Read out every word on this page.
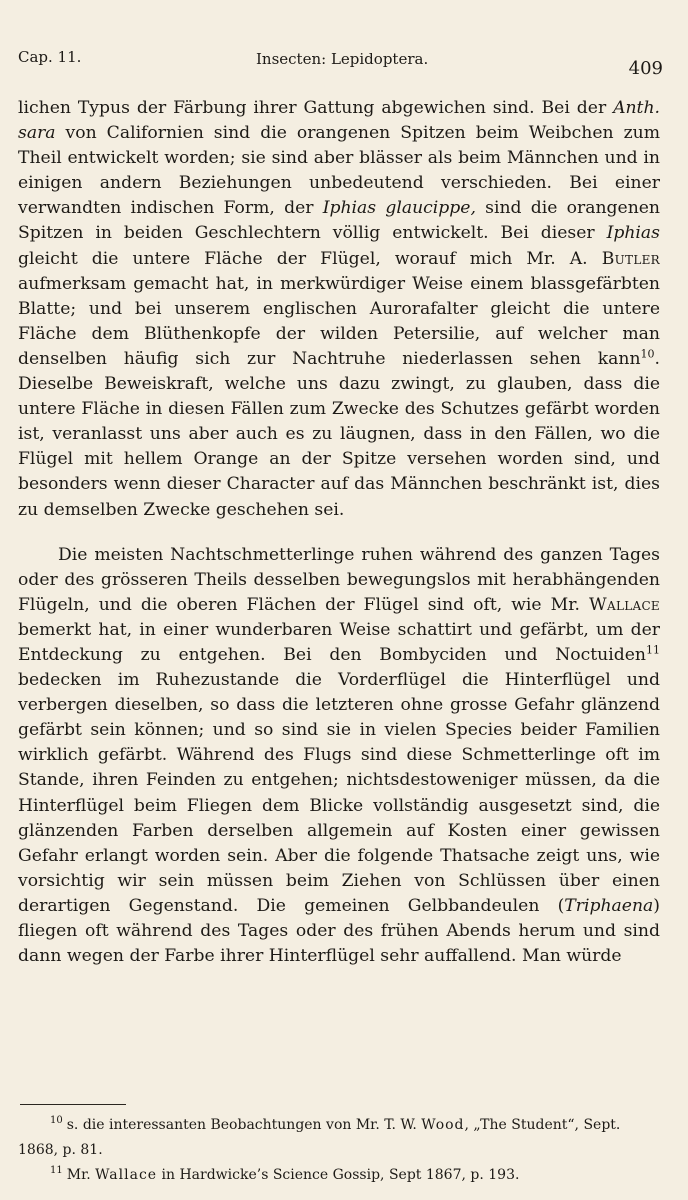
Cap. 11.	Insecten: Lepidoptera.	409

lichen Typus der Färbung ihrer Gattung abgewichen sind. Bei der Anth. sara von Californien sind die orangenen Spitzen beim Weibchen zum Theil entwickelt worden; sie sind aber blässer als beim Männchen und in einigen andern Beziehungen unbedeutend verschieden. Bei einer verwandten indischen Form, der Iphias glaucippe, sind die orangenen Spitzen in beiden Geschlechtern völlig entwickelt. Bei dieser Iphias gleicht die untere Fläche der Flügel, worauf mich Mr. A. Butler aufmerksam gemacht hat, in merkwürdiger Weise einem blassgefärbten Blatte; und bei unserem englischen Aurorafalter gleicht die untere Fläche dem Blüthenkopfe der wilden Petersilie, auf welcher man denselben häufig sich zur Nachtruhe niederlassen sehen kann$^{10}$. Dieselbe Beweiskraft, welche uns dazu zwingt, zu glauben, dass die untere Fläche in diesen Fällen zum Zwecke des Schutzes gefärbt worden ist, veranlasst uns aber auch es zu läugnen, dass in den Fällen, wo die Flügel mit hellem Orange an der Spitze versehen worden sind, und besonders wenn dieser Character auf das Männchen beschränkt ist, dies zu demselben Zwecke geschehen sei.

Die meisten Nachtschmetterlinge ruhen während des ganzen Tages oder des grösseren Theils desselben bewegungslos mit herabhängenden Flügeln, und die oberen Flächen der Flügel sind oft, wie Mr. Wallace bemerkt hat, in einer wunderbaren Weise schattirt und gefärbt, um der Entdeckung zu entgehen. Bei den Bombyciden und Noctuiden$^{11}$ bedecken im Ruhezustande die Vorderflügel die Hinterflügel und verbergen dieselben, so dass die letzteren ohne grosse Gefahr glänzend gefärbt sein können; und so sind sie in vielen Species beider Familien wirklich gefärbt. Während des Flugs sind diese Schmetterlinge oft im Stande, ihren Feinden zu entgehen; nichtsdestoweniger müssen, da die Hinterflügel beim Fliegen dem Blicke vollständig ausgesetzt sind, die glänzenden Farben derselben allgemein auf Kosten einer gewissen Gefahr erlangt worden sein. Aber die folgende Thatsache zeigt uns, wie vorsichtig wir sein müssen beim Ziehen von Schlüssen über einen derartigen Gegenstand. Die gemeinen Gelbbandeulen (Triphaena) fliegen oft während des Tages oder des frühen Abends herum und sind dann wegen der Farbe ihrer Hinterflügel sehr auffallend. Man würde

$^{10}$ s. die interessanten Beobachtungen von Mr. T. W. Wood, „The Student“, Sept. 1868, p. 81.

$^{11}$ Mr. Wallace in Hardwicke’s Science Gossip, Sept 1867, p. 193.
